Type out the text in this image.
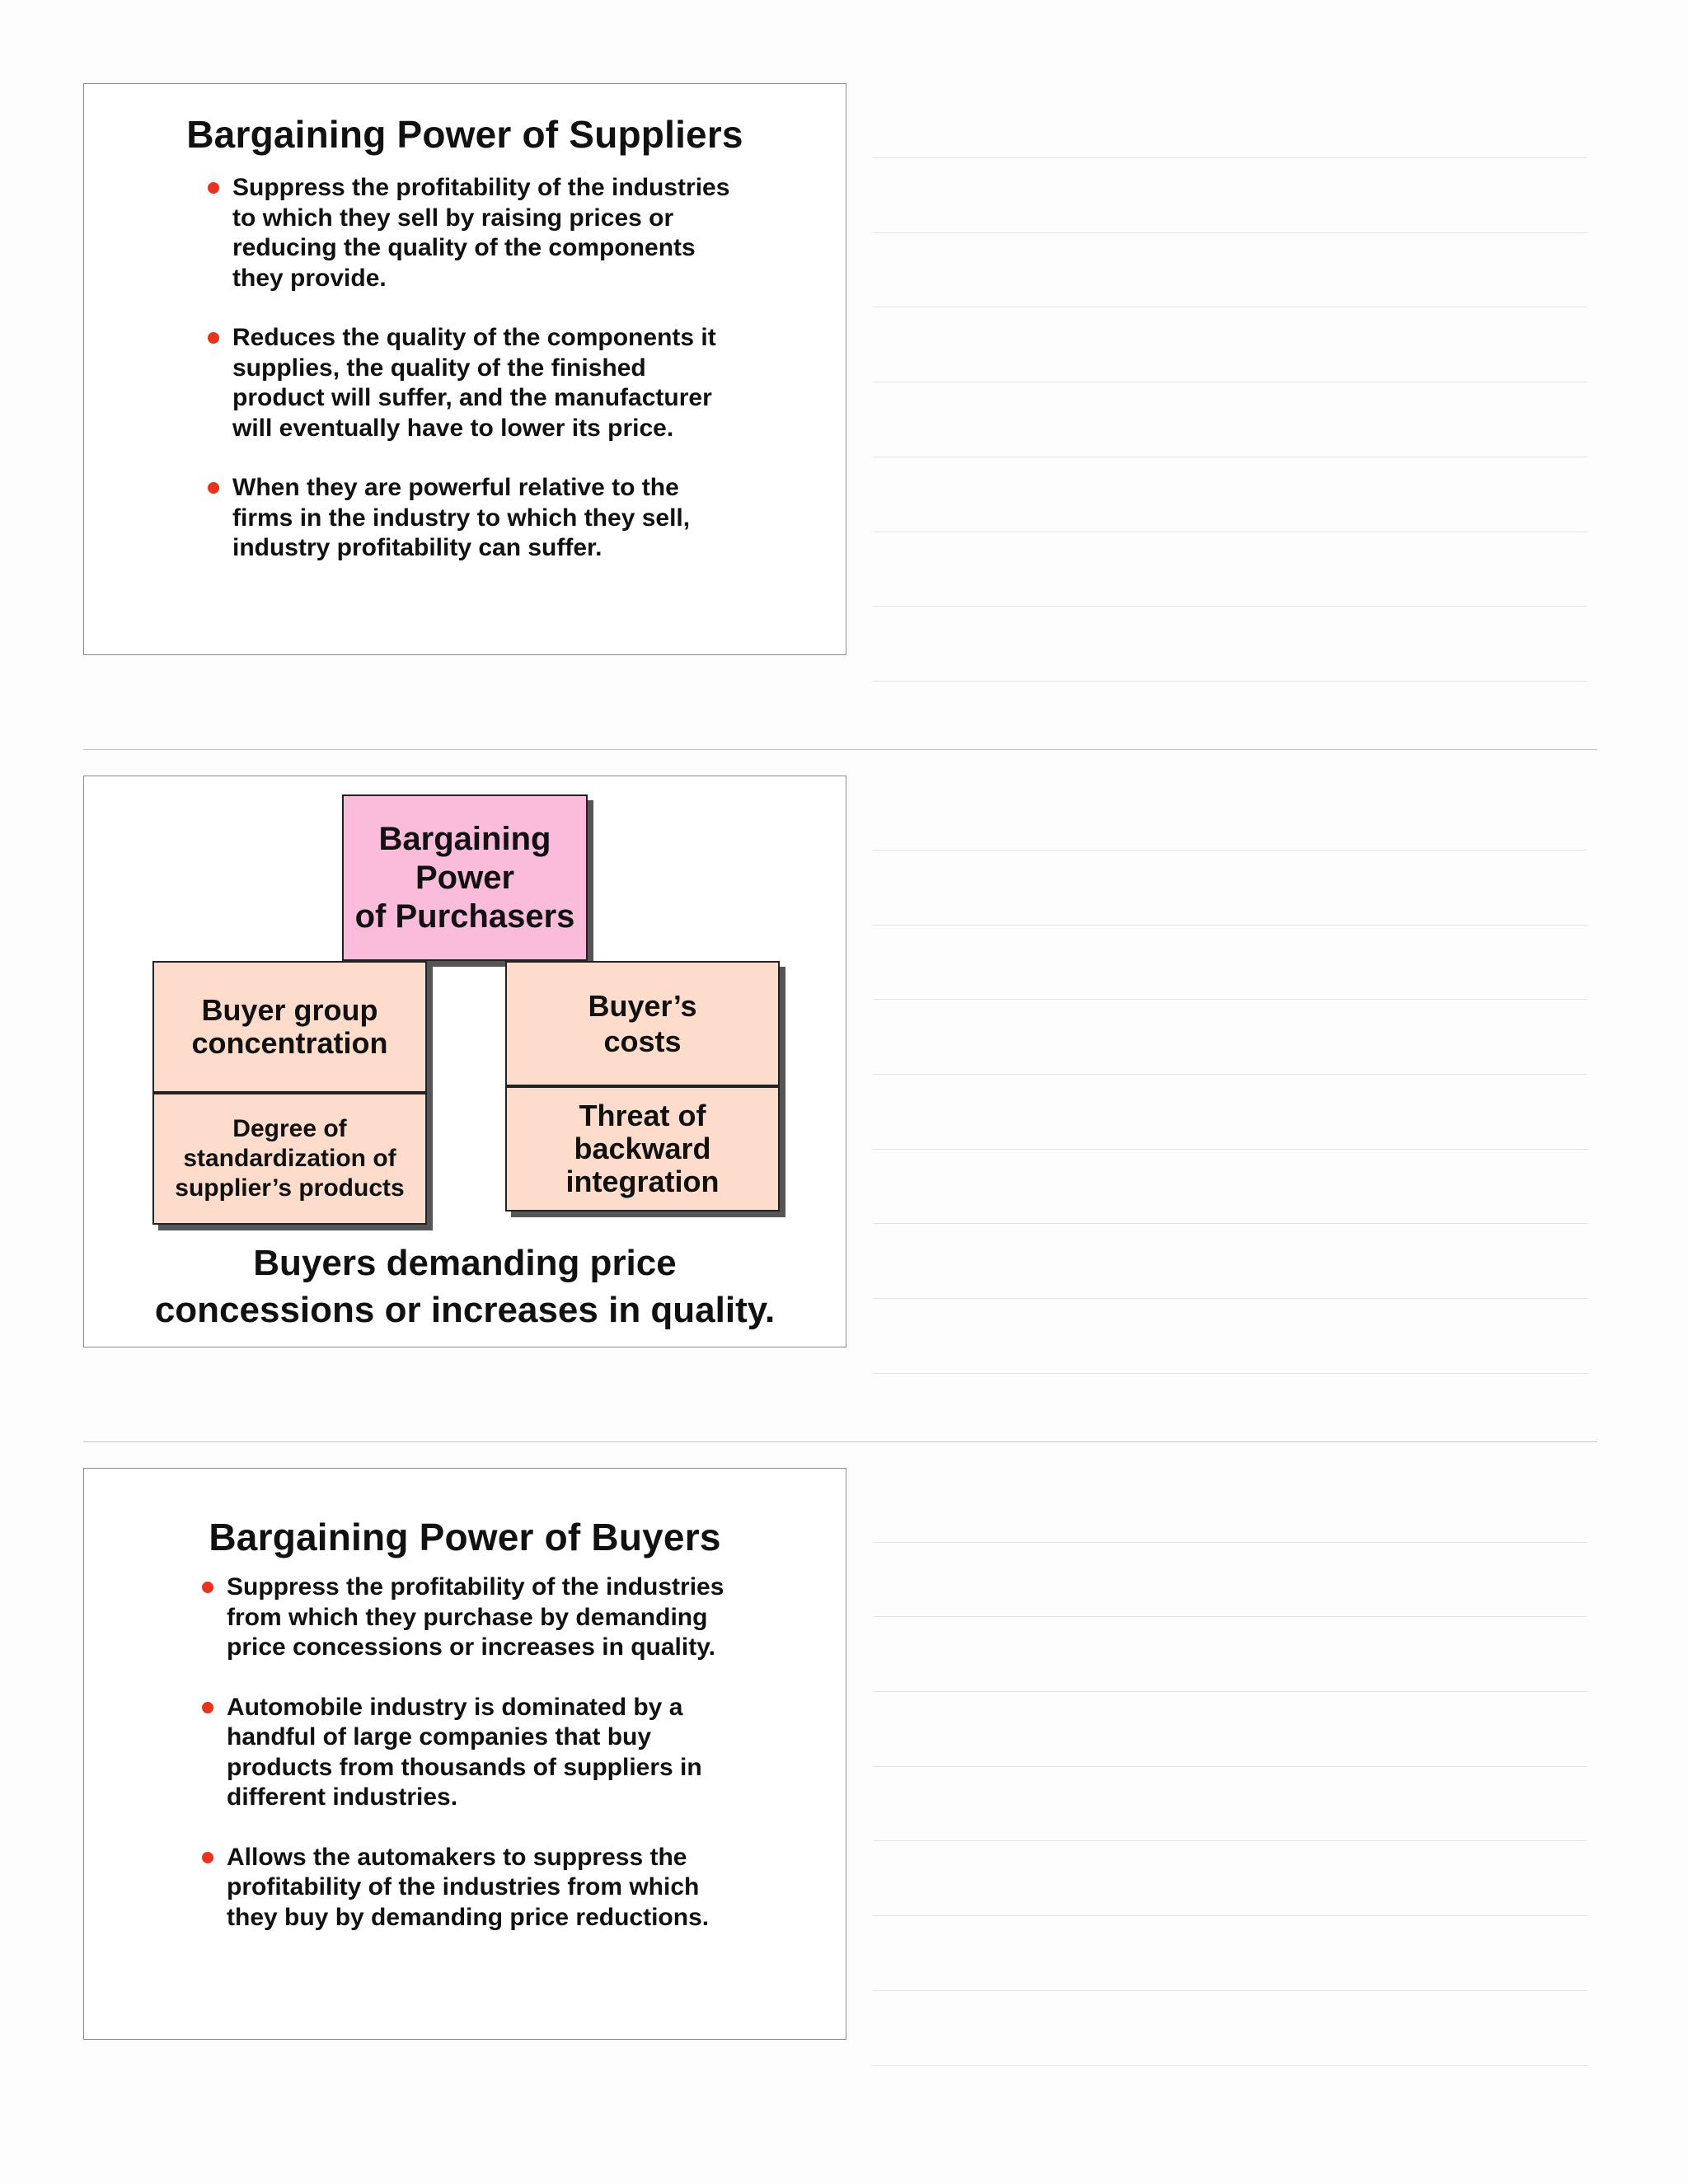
Bargaining Power of Suppliers
Suppress the profitability of the industries to which they sell by raising prices or reducing the quality of the components they provide.
Reduces the quality of the components it supplies, the quality of the finished product will suffer, and the manufacturer will eventually have to lower its price.
When they are powerful relative to the firms in the industry to which they sell, industry profitability can suffer.
Bargaining
Power
of Purchasers
Buyer group
concentration
Degree of
standardization of
supplier’s products
Buyer’s
costs
Threat of
backward
integration

Buyers demanding price
concessions or increases in quality.

Bargaining Power of Buyers
Suppress the profitability of the industries from which they purchase by demanding price concessions or increases in quality.
Automobile industry is dominated by a handful of large companies that buy products from thousands of suppliers in different industries.
Allows the automakers to suppress the profitability of the industries from which they buy by demanding price reductions.
